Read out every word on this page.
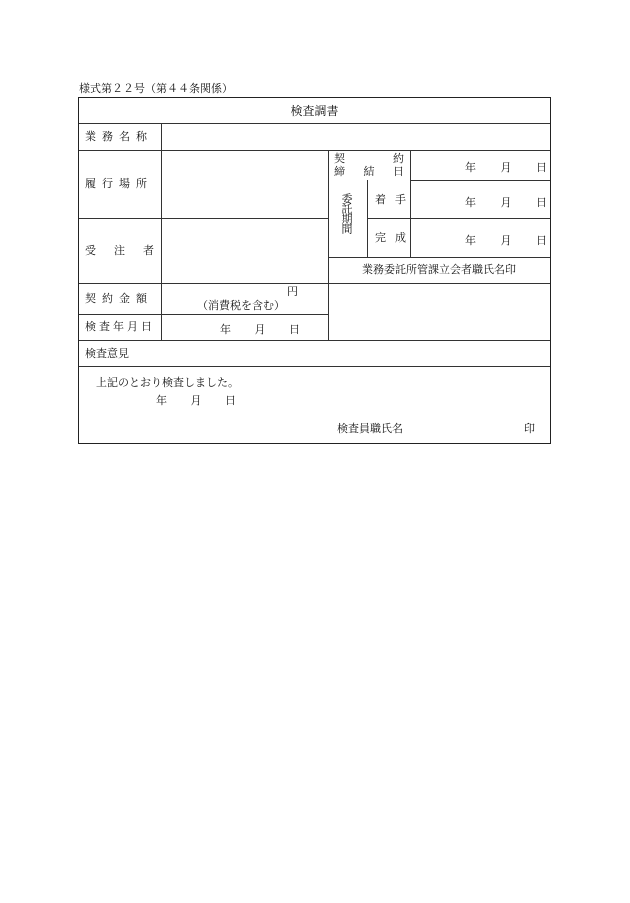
様式第２２号（第４４条関係）
検査調書
業務名称
履行場所
受注者
契約金額
検査年月日
検査意見
契	約
締 結 日
委託期間 着手
完成
年 月 日
年 月 日
年 月 日
業務委託所管課立会者職氏名印
円
（消費税を含む）
年 月 日
上記のとおり検査しました。
年 月 日
検査員職氏名	印
